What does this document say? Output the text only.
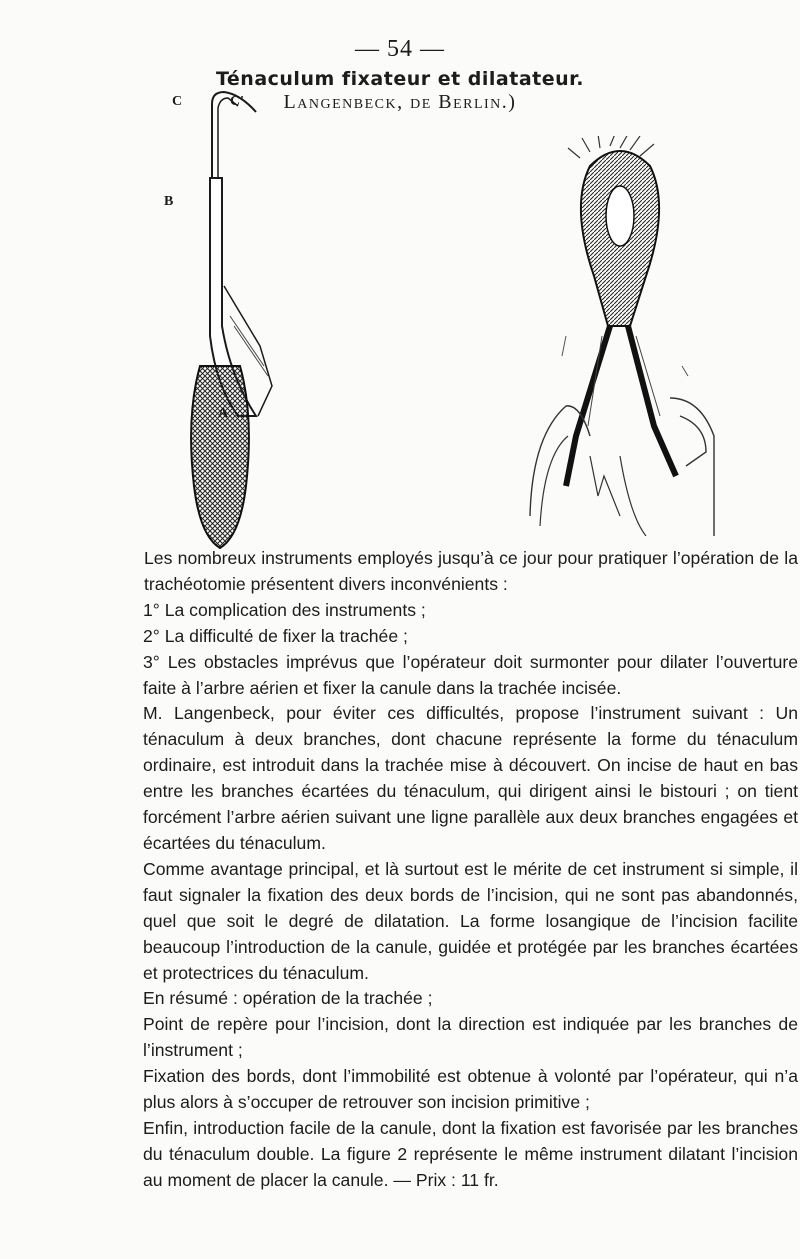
— 54 —
Ténaculum fixateur et dilatateur.
Langenbeck, de Berlin.)
C	C'
B
A

Les nombreux instruments employés jusqu’à ce jour pour pratiquer l’opération de la trachéotomie présentent divers inconvénients :

1° La complication des instruments ;

2° La difficulté de fixer la trachée ;

3° Les obstacles imprévus que l’opérateur doit surmonter pour dilater l’ouverture faite à l’arbre aérien et fixer la canule dans la trachée incisée.

M. Langenbeck, pour éviter ces difficultés, propose l’instrument suivant : Un ténaculum à deux branches, dont chacune représente la forme du ténaculum ordinaire, est introduit dans la trachée mise à découvert. On incise de haut en bas entre les branches écartées du ténaculum, qui dirigent ainsi le bistouri ; on tient forcément l’arbre aérien suivant une ligne parallèle aux deux branches engagées et écartées du ténaculum.

Comme avantage principal, et là surtout est le mérite de cet instrument si simple, il faut signaler la fixation des deux bords de l’incision, qui ne sont pas abandonnés, quel que soit le degré de dilatation. La forme losangique de l’incision facilite beaucoup l’introduction de la canule, guidée et protégée par les branches écartées et protectrices du ténaculum.

En résumé : opération de la trachée ;

Point de repère pour l’incision, dont la direction est indiquée par les branches de l’instrument ;

Fixation des bords, dont l’immobilité est obtenue à volonté par l’opérateur, qui n’a plus alors à s’occuper de retrouver son incision primitive ;

Enfin, introduction facile de la canule, dont la fixation est favorisée par les branches du ténaculum double. La figure 2 représente le même instrument dilatant l’incision au moment de placer la canule. — Prix : 11 fr.
